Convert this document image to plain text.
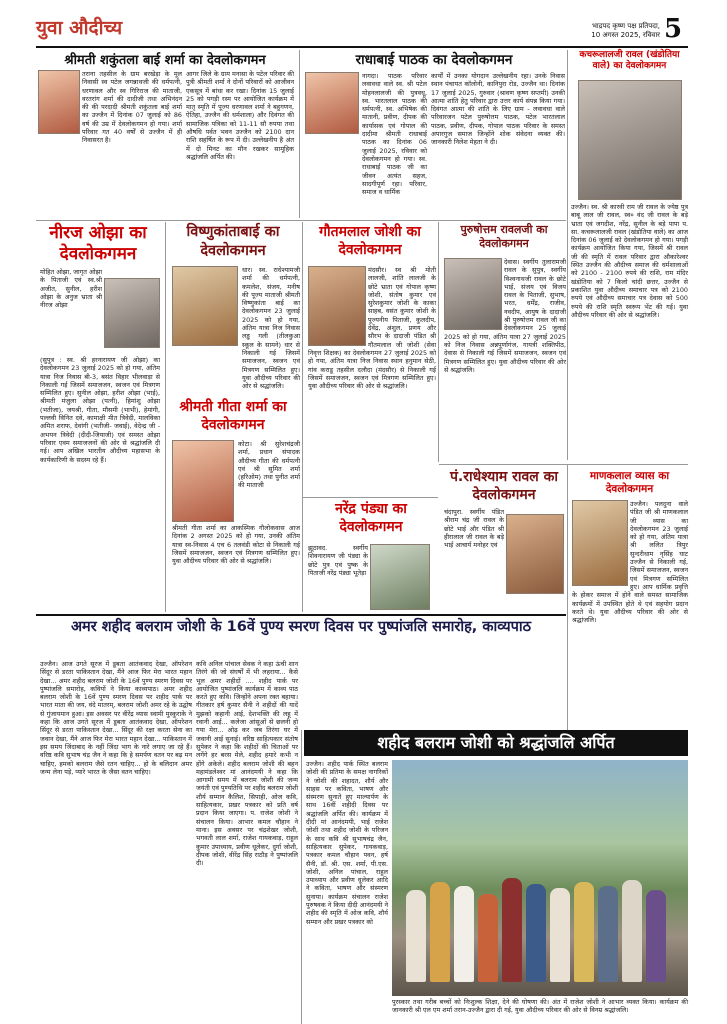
युवा औदीच्य	भाद्रपद कृष्ण पक्ष प्रतिपदा,
10 अगस्त 2025, रविवार 5
श्रीमती शकुंतला बाई शर्मा का देवलोकगमन
तराना तहसील के ग्राम बरखेड़ा के मूल निवासी स्व पटेल जगन्नाथजी की धर्मपत्नी, धरणावल और स्व गिरिराज की माताजी, वरतरांग शर्मा की दादीजी तथा अभिनंदन की की परदादी श्रीमती शकुंतला बाई शर्मा का उज्जैन में दिनांक 07 जुलाई को 86 वर्ष की उम्र में देवलोकगमन हो गया। शर्मा परिवार गत 40 वर्षों से उज्जैन में ही निवासरत है।
आगर जिले के ग्राम मनासा के पटेल परिवार की पुत्री श्रीमती शर्मा ने दोनों परिवारों को आजीवन एकसूत्र में बांधा कर रखा। दिनांक 15 जुलाई 25 को पगड़ी रस्म पर आयोजित कार्यक्रम में मातृ स्मृति में पूज्य धरणावल शर्मा ने बहुगणन, ऐतिहा, उज्जैन की धर्मशाला) और दिवंगत की सामाजिक पत्रिका को 11-11 सौ रुपया तथा औषधि पर्वत भवन उज्जैन को 2100 दान राशि सहर्षित के रूप में दी। उल्लेखनीय है अंत में दो मिनट का मौन रखकर सामूहिक श्रद्धांजलि अर्पित की।
राधाबाई पाठक का देवलोकगमन
नागदा। पाठक परिवार लवावधा वाले स्व. श्री पटेल मोहनलालजी की पुत्रवधू, स्व. भारतलाल पाठक की धर्मपत्नी, स्व. अभिषेक की मातानी, प्रवीण, दीपक की कार्यासक एवं गोपाल की दादीमा श्रीमती राधाबाई पाठक का दिनांक 06 जुलाई 2025, रविवार को देवलोकगमन हो गया। स्व. राधाबाई पाठक जी का जीवन अत्यंत सहज, सादगीपूर्ण रहा। परिवार, समाज व धार्मिक
कार्यों में उनका योगदान उल्लेखनीय रहा। उनके निवास स्थान पंचायत कॉलोनी, कानिपुरा रोड, उज्जैन था। दिनांक 17 जुलाई 2025, गुरुवार (श्रावण कृष्ण सप्तमी) उनकी आत्मा शांति हेतु परिवार द्वारा उत्तर कार्य संपन्न किया गया। दिवंगत आत्मा की शांति के लिए ग्राम - लवावधा वाले परिवारजन पटेल पुरुषोत्तम पाठक, पटेल भारतलाल पाठक, प्रवीण, दीपक, गोपाल पाठक परिवार के समस्त अपारगुज समाज जिन्होंने शोक संवेदना व्यक्त की। जानकारी निलेश मेहता ने दी।
कचरूलालजी रावल (खंडोतिया वाले) का देवलोकगमन
उज्जैन। स्व. श्री कारवी राम जी रावल के ज्येष्ठ पुत्र बाबू लाल जी रावल, स्व० वंद जी रावल के बड़े भ्राता एवं जगदीश, नरेंद्र, सुनील के बड़े पापा प. सा. कचरूलालजी रावल (खंडोतिया वाले) का आज दिनांक 06 जुलाई को देवलोकगमन हो गया। पगड़ी कार्यक्रम आयोजित किया गया, जिसमें श्री रावल जी की स्मृति में रावल परिवार द्वारा औकारेश्वर स्थित उज्जैन की औदीच्य समाज की धर्मशालाओं को 2100 - 2100 रुपये की राशि, राम मंदिर खंडोतिया को 7 किलो चांदी छत्तर, उज्जैन से प्रकाशित युवा औदीच्य समाचार पत्र को 2100 रुपये एवं औदीच्य समाचार पत्र देवास को 500 रुपये की राशि स्मृति स्वरूप भेंट की गई। युवा औदीच्य परिवार की ओर से श्रद्धांजलि।
नीरज ओझा का देवलोकगमन
मोहित ओझा, जागृत ओझा के पिताजी एवं स्व.श्री अजीत, सुनील, हरीश ओझा के अनुज भ्राता श्री नीरज ओझा
(सुपुत्र : स्व. श्री हरनारायण जी ओझा) का देवलोकगमन 23 जुलाई 2025 को हो गया, अंतिम यात्रा निज निवास बी-3, बसंत विहार भीलवाड़ा से निकाली गई जिसमें समाजजन, स्वजन एवं मित्रगण सम्मिलित हुए। सुनील ओझा, हरीश ओझा (भाई), श्रीमती मंजुला ओझा (पत्नी), हिमांशु ओझा (भतीजा), जयश्री, गीता, मौसमी (भाभी), हेमांगी, पल्लवी विनित दवे, कामाक्षी मीत त्रिवेदी, मालविका अमित शराफ, देवांगी (भतीजी- जवाई), वेदेन्द्र जी - अभयन त्रिवेदी (दीदी-जियाजी) एवं समस्त ओझा परिवार एवम समाजजनों की ओर से श्रद्धांजलि दी गई। आप अखिल भारतीय औदीच्य महासभा के कार्यकारिणी के सदस्य रहे हैं।
विष्णुकांताबाई का देवलोकगमन
धार। स्व. राधेश्यामजी शर्मा की धर्मपत्नी, कमलेश, संजय, मनीष की पूज्य माताजी श्रीमती विष्णुकांता बाई का देवलोकगमन 23 जुलाई 2025 को हो गया, अंतिम यात्रा निज निवास लड्ढ गली (तीलकुआ स्कूल के सामने) धार से निकाली गई जिसमें समाजजन, स्वजन एवं मित्रगण सम्मिलित हुए। युवा औदीच्य परिवार की ओर से श्रद्धांजलि।
श्रीमती गीता शर्मा का देवलोकगमन
कोटा। श्री सुरेशचंद्रजी शर्मा, प्रधान संपादक औदीच्य गीता की धर्मपत्नी एवं श्री सुमित शर्मा (हरिओम) तथा पुनीत शर्मा की माताजी
श्रीमती गीता शर्मा का आकस्मिक गौलोकवास आज दिनांक 2 अगस्त 2025 को हो गया, उनकी अंतिम यात्रा स्व-निवास 4 एच 6 तलवंडी कोटा से निकाली गई जिसमें समाजजन, स्वजन एवं मित्रगण सम्मिलित हुए। युवा औदीच्य परिवार की ओर से श्रद्धांजलि।
गौतमलाल जोशी का देवलोकगमन
मंदसौर। स्व श्री मोती लालजी, शांति लालजी के छोटे भ्राता एवं गोपाल कृष्ण जोशी, संतोष कुमार एवं सुरेशकुमार जोशी के काका साहब, वसंत कुमार जोशी के पूज्यनीय पिताजी, कुलदीप, देवेंद्र, अंशुल, प्रणय और सौरभ के दादाजी पंडित श्री गौतमलाल जी जोशी (सेवा निवृत्त शिक्षक) का देवलोकगमन 27 जुलाई 2025 को हो गया, अंतिम यात्रा निज निवास स्थान हनुमान सेठी, गांव कराडू तहसील दलौदा (मंदसौर) से निकाली गई जिसमें समाजजन, स्वजन एवं मित्रगण सम्मिलित हुए। युवा औदीच्य परिवार की ओर से श्रद्धांजलि।
पुरुषोत्तम रावलजी का देवलोकगमन
देवास। स्वर्गीय तुलारामजी रावल के सुपुत्र, स्वर्गीय विश्वनाथजी रावल के छोटे भाई, संजय एवं विजय रावल के पिताजी, सुभाष, भरत, धर्मेंद्र, राजीव, नवदीप, आयुष के दादाजी श्री पुरुषोत्तम रावल जी का देवलोकगमन 25 जुलाई 2025 को हो गया, अंतिम यात्रा 27 जुलाई 2025 को निज निवास अन्नपूर्णागंज, गायत्री शक्तिपीठ, देवास से निकाली गई जिसमें समाजजन, स्वजन एवं मित्रगण सम्मिलित हुए। युवा औदीच्य परिवार की ओर से श्रद्धांजलि।
नरेंद्र पंड्या का देवलोकगमन
झूठावद. स्वर्गीय शिवनारायण जी पंड्या के छोटे पुत्र एवं पुष्क के पिताजी नरेंद्र पंड्या भूतेड़ा
पं.राधेश्याम रावल का देवलोकगमन
चंदापुरा. स्वर्गीय पंडित श्रीराम चंद्र जी रावल के छोटे भाई और पंडित श्री हीरालाल जी रावल के बड़े भाई आचार्य मनोहर एवं
माणकलाल व्यास का देवलोकगमन
उज्जैन। पलदुना वाले पंडित जी श्री माणकलाल जी व्यास का देवलोकगमन 23 जुलाई को हो गया, अंतिम यात्रा श्री ललित त्रिपुर सुन्दरीधाम नृसिंह घाट उज्जैन से निकाली गई, जिसमें समाजजन, स्वजन एवं मित्रगण सम्मिलित हुए। आप धार्मिक प्रवृत्ति के होकर समाज में होने वाले समस्त सामाजिक कार्यक्रमों में उपस्थित होते थे एवं सहयोग प्रदान करते थे। युवा औदीच्य परिवार की ओर से श्रद्धांजलि।
अमर शहीद बलराम जोशी के 16वें पुण्य स्मरण दिवस पर पुष्पांजलि समारोह, काव्यपाठ
उज्जैन। आज उगते सूरज में डूबता आतंकवाद देखा, ऑपरेशन सिंदूर से डरता पाकिस्तान देखा, मैंने आज फिर मेरा भारत महान देखा... अमर शहीद बलराम जोशी के 16वें पुण्य स्मरण दिवस पर पुष्पांजलि समारोह, कवियों ने किया काव्यपाठ। अमर शहीद बलराम जोशी के 16वें पुण्य स्मरण दिवस पर शहीद पार्क पर भारत माता की जय, वंदे मातरम्, बलराम जोशी अमर रहे के उद्घोष से गुंजायमान हुआ। इस अवसर पर वीरेंद्र व्यास स्वामी मुस्कुराके ने कहा कि आज उगते सूरज में डूबता आतंकवाद देखा, ऑपरेशन सिंदूर से डरता पाकिस्तान देखा... सिंदूर की रक्षा करता सेना का जवान देखा, मैंने आज फिर मेरा भारत महान देखा... पाकिस्तान में इस समय जिंदाबाद के नहीं जिंदा भाग के नारे लगाए जा रहे हैं। वरिष्ठ कवि सुभाष चंद्र जैन ने कहा कि हे समर्पण वतन पर बढ़ मन चाहिए, हमको बलराम जैसे रतन चाहिए... हो के बलिदान अमर जन्म लेना पड़े, प्यारे भारत के जैसा वतन चाहिए।
कवि अनिल पांचाल सेवक ने कहा ऊंची शान तिरंगे की जो संघर्षों में भी लहराया... कैसे भूल अमर शहीदों .... शहीद पार्क पर आयोजित पुष्पांजलि कार्यक्रम में काव्य पाठ करते हुए कवि। जिन्होंने अपना रक्त बहाया। गीतकार हर्ष कुमार सैनी ने शहीदों की यादें मुझको कहानी आई, देशभक्ति की लहू में रवानी आई... कलेजा आंसूओं से छलनी हो गया मेरा... ओढ़ कर जब तिरंगा घर में जवानी आई सुनाई। वरिष्ठ साहित्यकार संतोष सुपेकर ने कहा कि शहीदों की चिताओं पर लगेंगे हर बरस मेले, शहीद हमारे कभी न होंगे अकेले। शहीद बलराम जोशी की बहन महामंडलेश्वर मां आनंदमयी ने कहा कि आगामी समय में बलराम जोशी की जन्म जयंती एवं पुण्यतिथि पर शहीद बलराम जोशी शौर्य सम्मान कैलिश, सिपाही, ओज कवि, साहित्यकार, प्रखर पत्रकार को प्रति वर्ष प्रदान किया जाएगा। प. राजेश जोशी ने संचालन किया। आभार कमल चौहान ने माना। इस अवसर पर चंद्रशेखर जोशी, भगवती लाल शर्मा, राजेश गायकवाड़, राहुल कुमार उपाध्याय, प्रवीण धूलेकर, दुर्गा जोशी, दीपक जोशी, वीरेंद्र सिंह राठौड़ ने पुष्पांजलि दी।
शहीद बलराम जोशी को श्रद्धांजलि अर्पित
उज्जैन। शहीद पार्क स्थित बलराम जोशी की प्रतिमा के समक्ष नागरिकों ने जोशी की शहादत, शौर्य और साहस पर कविता, भाषण और संस्मरण सुनाते हुए माल्यार्पण के साथ 16वीं शहीदी दिवस पर श्रद्धांजलि अर्पित की। कार्यक्रम में दीदी मां आनंदमयी, भाई राजेश जोशी तथा शहीद जोशी के परिजन के साथ कवि श्री सुभाषचंद्र जैन, साहित्यकार सुपेकर, गायकवाड़, पत्रकार कमल चौहान पवन, हर्ष सैनी, डॉ. श्री. एस. शर्मा, पी.एस. जोशी, अनिल पांचाल, राहुल उपाध्याय और प्रवीण धूलेकर आदि ने कविता, भाषण और संस्मरण सुनाया। कार्यक्रम संचालन राजेश पुरुषवक ने किया दीदी आनंदमयी ने शहीद की स्मृति में ओज कवि, शौर्य सम्मान और प्रखर पत्रकार को
पुरस्कार तथा गरीब बच्चों को निःशुल्क शिक्षा, देने की घोषणा की। अंत में राजेश जोशी ने आभार व्यक्त किया। कार्यक्रम की जानकारी श्री एल एम शर्मा तरान-उज्जैन द्वारा दी गई, युवा औदीच्य परिवार की ओर से विनम्र श्रद्धांजलि।
